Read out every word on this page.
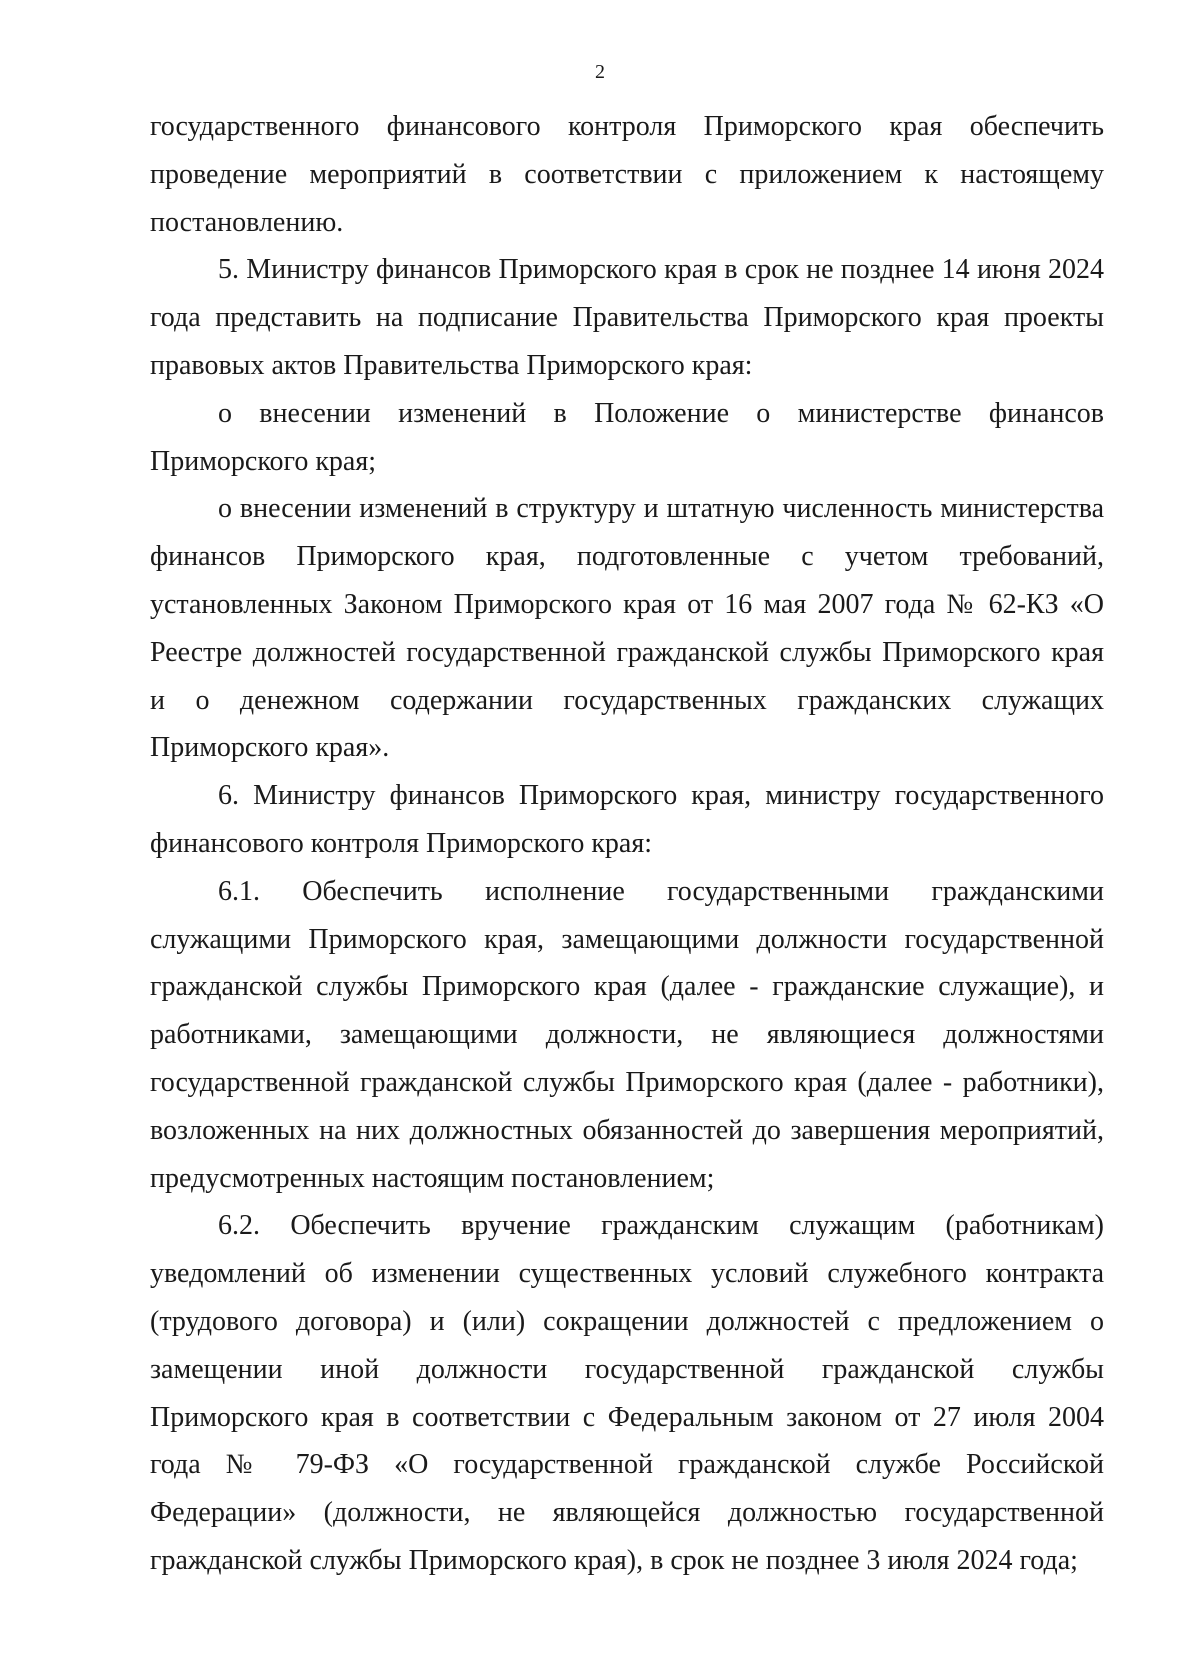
2

государственного финансового контроля Приморского края обеспечить проведение мероприятий в соответствии с приложением к настоящему постановлению.

5. Министру финансов Приморского края в срок не позднее 14 июня 2024 года представить на подписание Правительства Приморского края проекты правовых актов Правительства Приморского края:

о внесении изменений в Положение о министерстве финансов Приморского края;

о внесении изменений в структуру и штатную численность министерства финансов Приморского края, подготовленные с учетом требований, установленных Законом Приморского края от 16 мая 2007 года № 62-КЗ «О Реестре должностей государственной гражданской службы Приморского края и о денежном содержании государственных гражданских служащих Приморского края».

6. Министру финансов Приморского края, министру государственного финансового контроля Приморского края:

6.1. Обеспечить исполнение государственными гражданскими служащими Приморского края, замещающими должности государственной гражданской службы Приморского края (далее - гражданские служащие), и работниками, замещающими должности, не являющиеся должностями государственной гражданской службы Приморского края (далее - работники), возложенных на них должностных обязанностей до завершения мероприятий, предусмотренных настоящим постановлением;

6.2. Обеспечить вручение гражданским служащим (работникам) уведомлений об изменении существенных условий служебного контракта (трудового договора) и (или) сокращении должностей с предложением о замещении иной должности государственной гражданской службы Приморского края в соответствии с Федеральным законом от 27 июля 2004 года № 79-ФЗ «О государственной гражданской службе Российской Федерации» (должности, не являющейся должностью государственной гражданской службы Приморского края), в срок не позднее 3 июля 2024 года;
